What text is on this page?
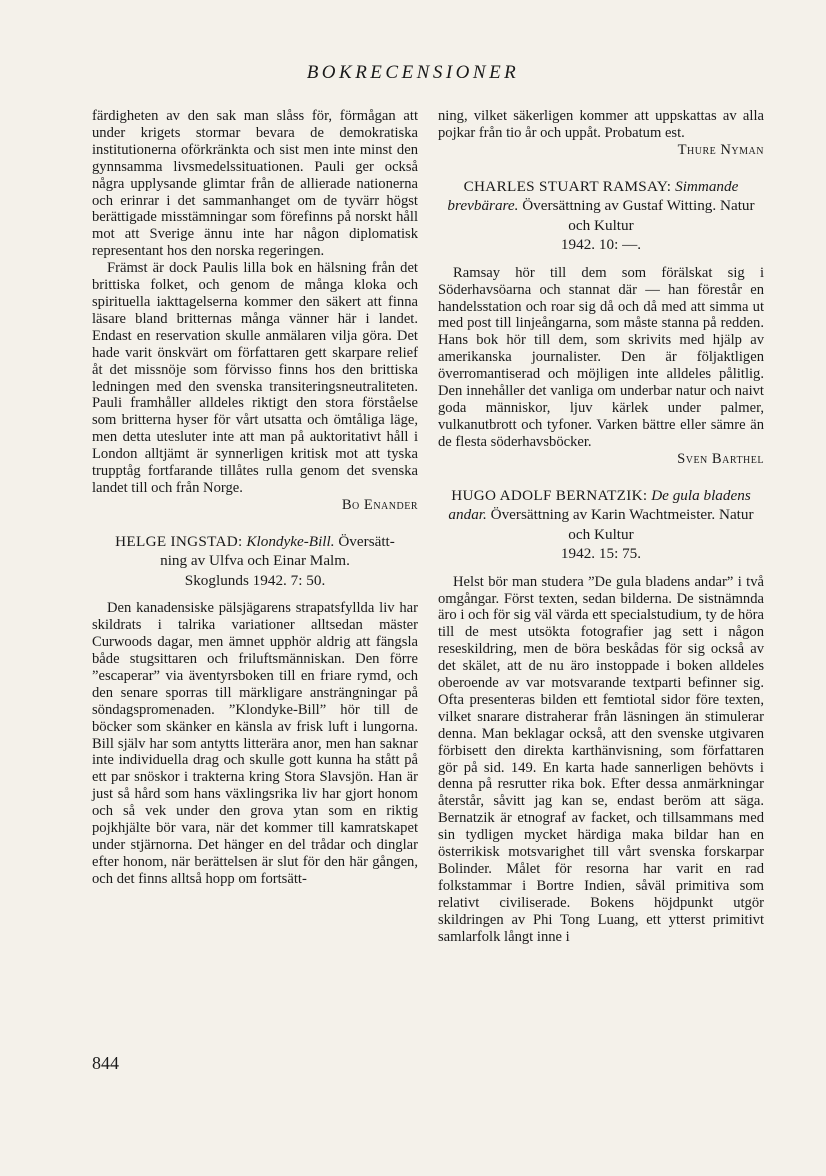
BOKRECENSIONER

färdigheten av den sak man slåss för, förmågan att under krigets stormar bevara de demokratiska institutionerna oförkränkta och sist men inte minst den gynnsamma livsmedelssituationen. Pauli ger också några upplysande glimtar från de allierade nationerna och erinrar i det sammanhanget om de tyvärr högst berättigade misstämningar som förefinns på norskt håll mot att Sverige ännu inte har någon diplomatisk representant hos den norska regeringen.

Främst är dock Paulis lilla bok en hälsning från det brittiska folket, och genom de många kloka och spirituella iakttagelserna kommer den säkert att finna läsare bland britternas många vänner här i landet. Endast en reservation skulle anmälaren vilja göra. Det hade varit önskvärt om författaren gett skarpare relief åt det missnöje som förvisso finns hos den brittiska ledningen med den svenska transiteringsneutraliteten. Pauli framhåller alldeles riktigt den stora förståelse som britterna hyser för vårt utsatta och ömtåliga läge, men detta utesluter inte att man på auktoritativt håll i London alltjämt är synnerligen kritisk mot att tyska trupptåg fortfarande tillåtes rulla genom det svenska landet till och från Norge.

Bo Enander

HELGE INGSTAD: Klondyke-Bill. Översätt-
ning av Ulfva och Einar Malm.
Skoglunds 1942. 7: 50.

Den kanadensiske pälsjägarens strapatsfyllda liv har skildrats i talrika variationer alltsedan mäster Curwoods dagar, men ämnet upphör aldrig att fängsla både stugsittaren och friluftsmänniskan. Den förre ”escaperar” via äventyrsboken till en friare rymd, och den senare sporras till märkligare ansträngningar på söndagspromenaden. ”Klondyke-Bill” hör till de böcker som skänker en känsla av frisk luft i lungorna. Bill själv har som antytts litterära anor, men han saknar inte individuella drag och skulle gott kunna ha stått på ett par snöskor i trakterna kring Stora Slavsjön. Han är just så hård som hans växlingsrika liv har gjort honom och så vek under den grova ytan som en riktig pojkhjälte bör vara, när det kommer till kamratskapet under stjärnorna. Det hänger en del trådar och dinglar efter honom, när berättelsen är slut för den här gången, och det finns alltså hopp om fortsätt-

ning, vilket säkerligen kommer att uppskattas av alla pojkar från tio år och uppåt. Probatum est.

Thure Nyman

CHARLES STUART RAMSAY: Simmande brevbärare. Översättning av Gustaf Witting. Natur och Kultur
1942. 10: —.

Ramsay hör till dem som förälskat sig i Söderhavsöarna och stannat där — han förestår en handelsstation och roar sig då och då med att simma ut med post till linjeångarna, som måste stanna på redden. Hans bok hör till dem, som skrivits med hjälp av amerikanska journalister. Den är följaktligen överromantiserad och möjligen inte alldeles pålitlig. Den innehåller det vanliga om underbar natur och naivt goda människor, ljuv kärlek under palmer, vulkanutbrott och tyfoner. Varken bättre eller sämre än de flesta söderhavsböcker.

Sven Barthel

HUGO ADOLF BERNATZIK: De gula bladens andar. Översättning av Karin Wachtmeister. Natur och Kultur
1942. 15: 75.

Helst bör man studera ”De gula bladens andar” i två omgångar. Först texten, sedan bilderna. De sistnämnda äro i och för sig väl värda ett specialstudium, ty de höra till de mest utsökta fotografier jag sett i någon reseskildring, men de böra beskådas för sig också av det skälet, att de nu äro instoppade i boken alldeles oberoende av var motsvarande textparti befinner sig. Ofta presenteras bilden ett femtiotal sidor före texten, vilket snarare distraherar från läsningen än stimulerar denna. Man beklagar också, att den svenske utgivaren förbisett den direkta karthänvisning, som författaren gör på sid. 149. En karta hade sannerligen behövts i denna på resrutter rika bok. Efter dessa anmärkningar återstår, såvitt jag kan se, endast beröm att säga. Bernatzik är etnograf av facket, och tillsammans med sin tydligen mycket härdiga maka bildar han en österrikisk motsvarighet till vårt svenska forskarpar Bolinder. Målet för resorna har varit en rad folkstammar i Bortre Indien, såväl primitiva som relativt civiliserade. Bokens höjdpunkt utgör skildringen av Phi Tong Luang, ett ytterst primitivt samlarfolk långt inne i

844
